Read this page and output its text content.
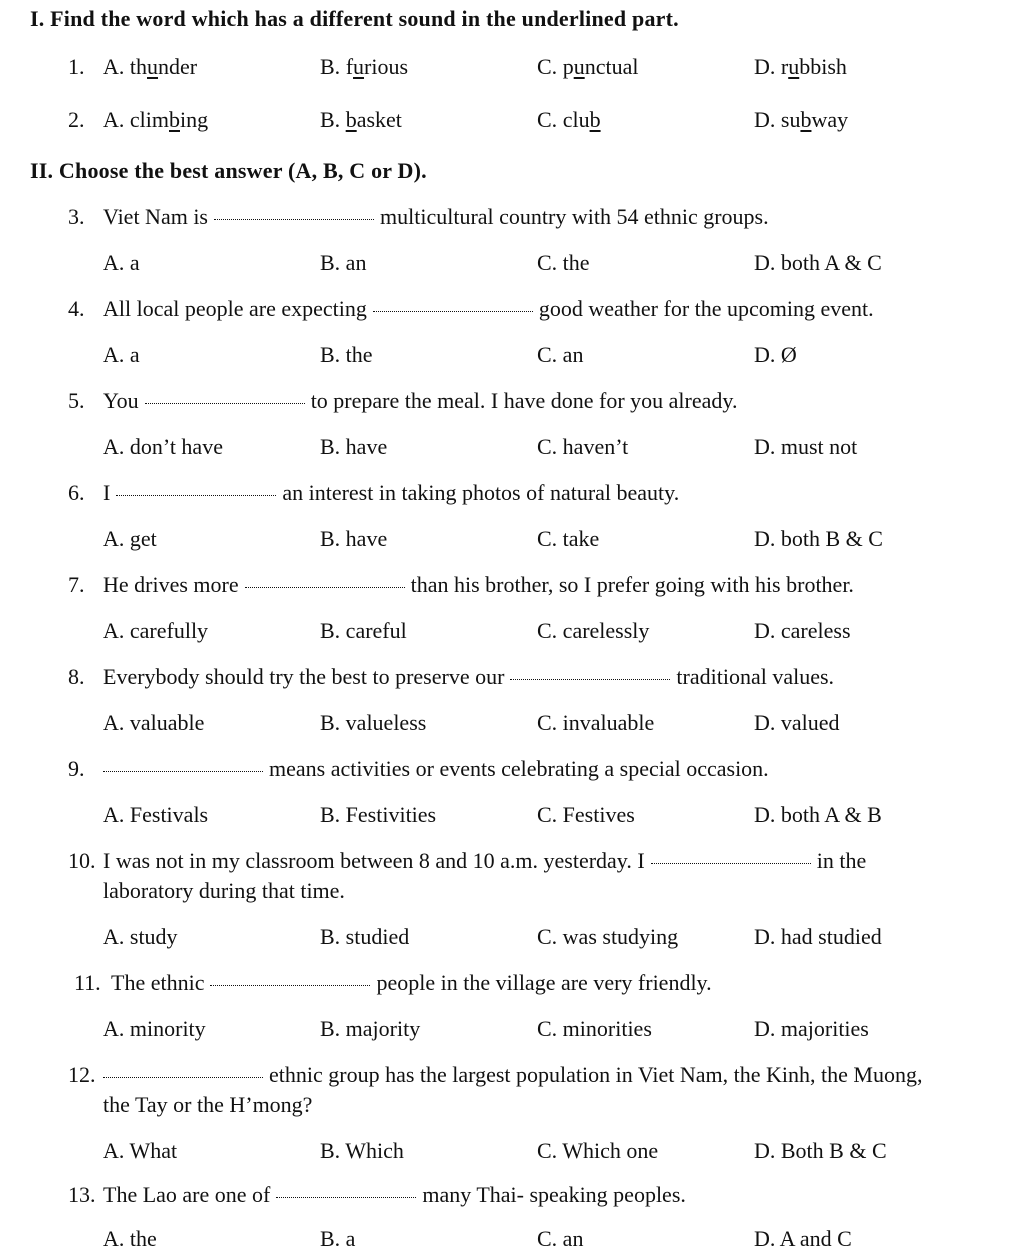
I. Find the word which has a different sound in the underlined part.
1. A. thunder	B. furious	C. punctual	D. rubbish
2. A. climbing	B. basket	C. club	D. subway
II. Choose the best answer (A, B, C or D).
3. Viet Nam is	multicultural country with 54 ethnic groups.
A. a	B. an	C. the	D. both A & C
4. All local people are expecting	good weather for the upcoming event.
A. a	B. the	C. an	D. Ø
5. You	to prepare the meal. I have done for you already.
A. don’t have	B. have	C. haven’t	D. must not
6. I	an interest in taking photos of natural beauty.
A. get	B. have	C. take	D. both B & C
7. He drives more	than his brother, so I prefer going with his brother.
A. carefully	B. careful	C. carelessly	D. careless
8. Everybody should try the best to preserve our	traditional values.
A. valuable	B. valueless	C. invaluable	D. valued
9.	means activities or events celebrating a special occasion.
A. Festivals	B. Festivities	C. Festives	D. both A & B
10. I was not in my classroom between 8 and 10 a.m. yesterday. I	in the
laboratory during that time.
A. study	B. studied	C. was studying	D. had studied
11. The ethnic	people in the village are very friendly.
A. minority	B. majority	C. minorities	D. majorities
12.	ethnic group has the largest population in Viet Nam, the Kinh, the Muong,
the Tay or the H’mong?
A. What	B. Which	C. Which one	D. Both B & C
13. The Lao are one of	many Thai- speaking peoples.
A. the	B. a	C. an	D. A and C
